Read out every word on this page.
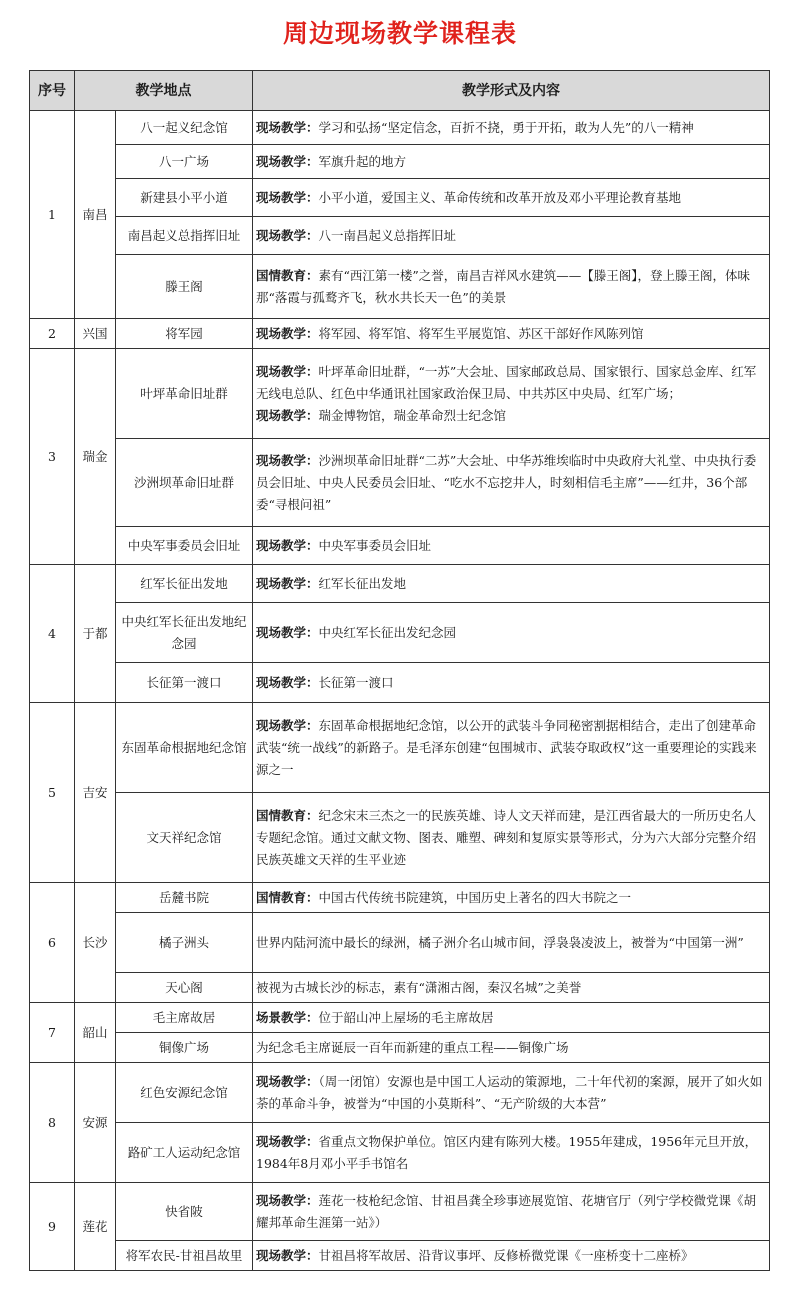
周边现场教学课程表
序号	教学地点		教学形式及内容
1	南昌	八一起义纪念馆	现场教学：学习和弘扬“坚定信念，百折不挠，勇于开拓，敢为人先”的八一精神
		八一广场	现场教学：军旗升起的地方
		新建县小平小道	现场教学：小平小道，爱国主义、革命传统和改革开放及邓小平理论教育基地
		南昌起义总指挥旧址	现场教学：八一南昌起义总指挥旧址
		滕王阁	国情教育：素有“西江第一楼”之誉，南昌吉祥风水建筑——【滕王阁】，登上滕王阁，体味那“落霞与孤鹜齐飞，秋水共长天一色”的美景
2	兴国	将军园	现场教学：将军园、将军馆、将军生平展览馆、苏区干部好作风陈列馆
3	瑞金	叶坪革命旧址群	现场教学：叶坪革命旧址群，“一苏”大会址、国家邮政总局、国家银行、国家总金库、红军无线电总队、红色中华通讯社国家政治保卫局、中共苏区中央局、红军广场；
现场教学：瑞金博物馆，瑞金革命烈士纪念馆
		沙洲坝革命旧址群	现场教学：沙洲坝革命旧址群“二苏”大会址、中华苏维埃临时中央政府大礼堂、中央执行委员会旧址、中央人民委员会旧址、“吃水不忘挖井人，时刻相信毛主席”——红井，36个部委“寻根问祖”
		中央军事委员会旧址	现场教学：中央军事委员会旧址
4	于都	红军长征出发地	现场教学：红军长征出发地
		中央红军长征出发地纪念园	现场教学：中央红军长征出发纪念园
		长征第一渡口	现场教学：长征第一渡口
5	吉安	东固革命根据地纪念馆	现场教学：东固革命根据地纪念馆，以公开的武装斗争同秘密割据相结合，走出了创建革命武装“统一战线”的新路子。是毛泽东创建“包围城市、武装夺取政权”这一重要理论的实践来源之一
		文天祥纪念馆	国情教育：纪念宋末三杰之一的民族英雄、诗人文天祥而建，是江西省最大的一所历史名人专题纪念馆。通过文献文物、图表、雕塑、碑刻和复原实景等形式，分为六大部分完整介绍民族英雄文天祥的生平业迹
6	长沙	岳麓书院	国情教育：中国古代传统书院建筑，中国历史上著名的四大书院之一
		橘子洲头	世界内陆河流中最长的绿洲，橘子洲介名山城市间，浮袅袅凌波上，被誉为“中国第一洲”
		天心阁	被视为古城长沙的标志，素有“潇湘古阁，秦汉名城”之美誉
7	韶山	毛主席故居	场景教学：位于韶山冲上屋场的毛主席故居
		铜像广场	为纪念毛主席诞辰一百年而新建的重点工程——铜像广场
8	安源	红色安源纪念馆	现场教学：（周一闭馆）安源也是中国工人运动的策源地，二十年代初的案源，展开了如火如荼的革命斗争，被誉为“中国的小莫斯科”、“无产阶级的大本营”
		路矿工人运动纪念馆	现场教学：省重点文物保护单位。馆区内建有陈列大楼。1955年建成，1956年元旦开放，1984年8月邓小平手书馆名
9	莲花	快省陂	现场教学：莲花一枝枪纪念馆、甘祖昌龚全珍事迹展览馆、花塘官厅（列宁学校微党课《胡耀邦革命生涯第一站》）
		将军农民-甘祖昌故里	现场教学：甘祖昌将军故居、沿背议事坪、反修桥微党课《一座桥变十二座桥》
